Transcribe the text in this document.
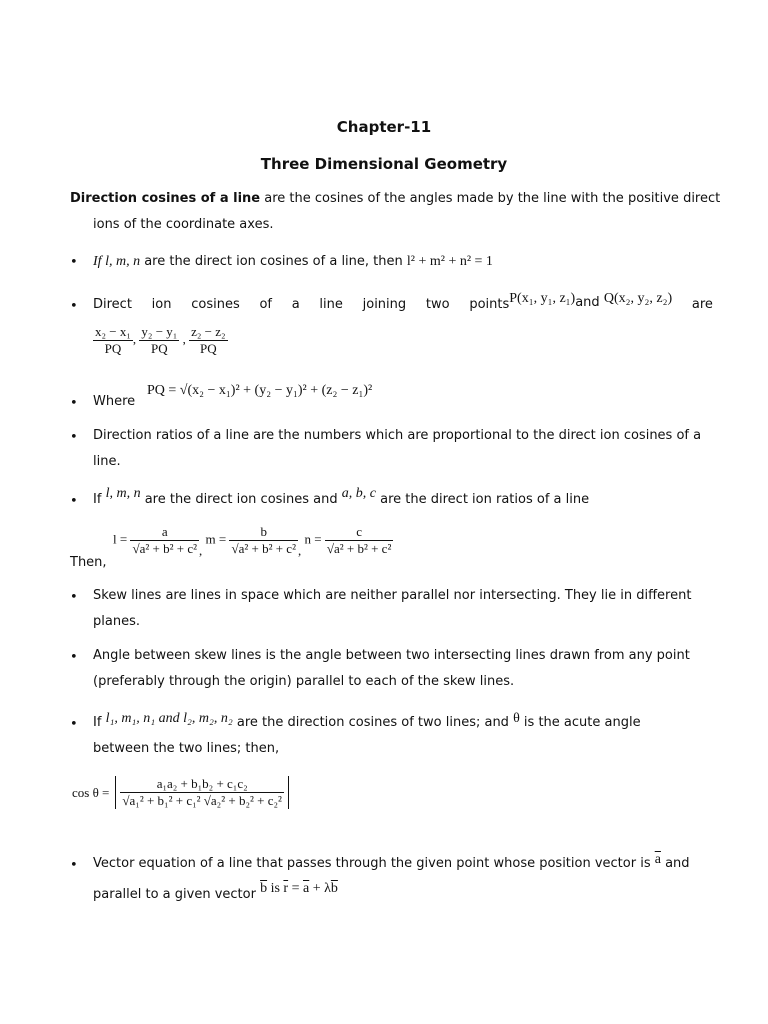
Chapter-11
Three Dimensional Geometry
Direction cosines of a line are the cosines of the angles made by the line with the positive direct
ions of the coordinate axes.
• If l, m, n are the direct ion cosines of a line, then l² + m² + n² = 1
• Direct ion cosines of a line joining two pointsP(x₁, y₁, z₁)and Q(x₂, y₂, z₂) are
$\frac{\text{x₂ − x₁}}{PQ}$ , $\frac{\text{y₂ − y₁}}{PQ}$ , $\frac{\text{z₂ − z₂}}{PQ}$
• Where
PQ = √(x₂ − x₁)² + (y₂ − y₁)² + (z₂ − z₁)²
• Direction ratios of a line are the numbers which are proportional to the direct ion cosines of a
line.
• If l, m, n are the direct ion cosines and a, b, c are the direct ion ratios of a line
Then,
$l = \frac{a}{\text{√a² + b² + c²}}$ , $m = \frac{b}{\text{√a² + b² + c²}}$ , $n = \frac{c}{\text{√a² + b² + c²}}$
• Skew lines are lines in space which are neither parallel nor intersecting. They lie in different
planes.
• Angle between skew lines is the angle between two intersecting lines drawn from any point
(preferably through the origin) parallel to each of the skew lines.
• If l₁, m₁, n₁ and l₂, m₂, n₂ are the direction cosines of two lines; and θ is the acute angle
between the two lines; then,
$\cos \theta = \frac{\text{a₁a₂ + b₁b₂ + c₁c₂}}{\text{√a₁² + b₁² + c₁² √a₂² + b₂² + c₂²}}$
• Vector equation of a line that passes through the given point whose position vector is $\overline{a}$ and
parallel to a given vector $\overline{b}$ is $\overline{r} = \overline{a} + \lambda\overline{b}$
